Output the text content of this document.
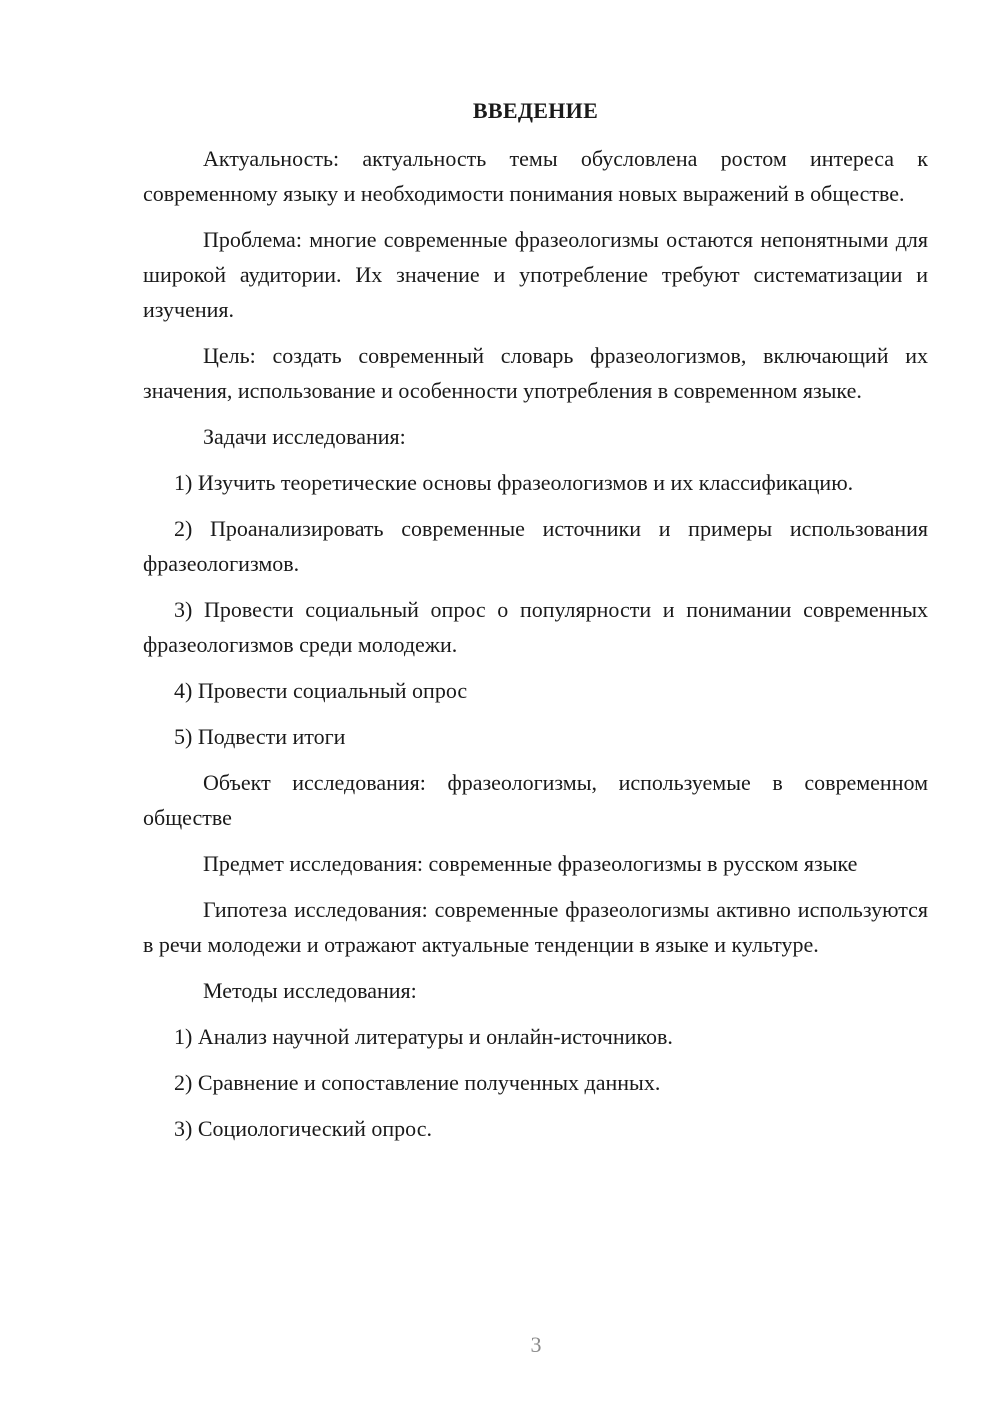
ВВЕДЕНИЕ
Актуальность: актуальность темы обусловлена ростом интереса к современному языку и необходимости понимания новых выражений в обществе.
Проблема: многие современные фразеологизмы остаются непонятными для широкой аудитории. Их значение и употребление требуют систематизации и изучения.
Цель: создать современный словарь фразеологизмов, включающий их значения, использование и особенности употребления в современном языке.
Задачи исследования:
1) Изучить теоретические основы фразеологизмов и их классификацию.
2) Проанализировать современные источники и примеры использования фразеологизмов.
3) Провести социальный опрос о популярности и понимании современных фразеологизмов среди молодежи.
4) Провести социальный опрос
5) Подвести итоги
Объект исследования: фразеологизмы, используемые в современном обществе
Предмет исследования: современные фразеологизмы в русском языке
Гипотеза исследования: современные фразеологизмы активно используются в речи молодежи и отражают актуальные тенденции в языке и культуре.
Методы исследования:
1) Анализ научной литературы и онлайн-источников.
2) Сравнение и сопоставление полученных данных.
3) Социологический опрос.
3
